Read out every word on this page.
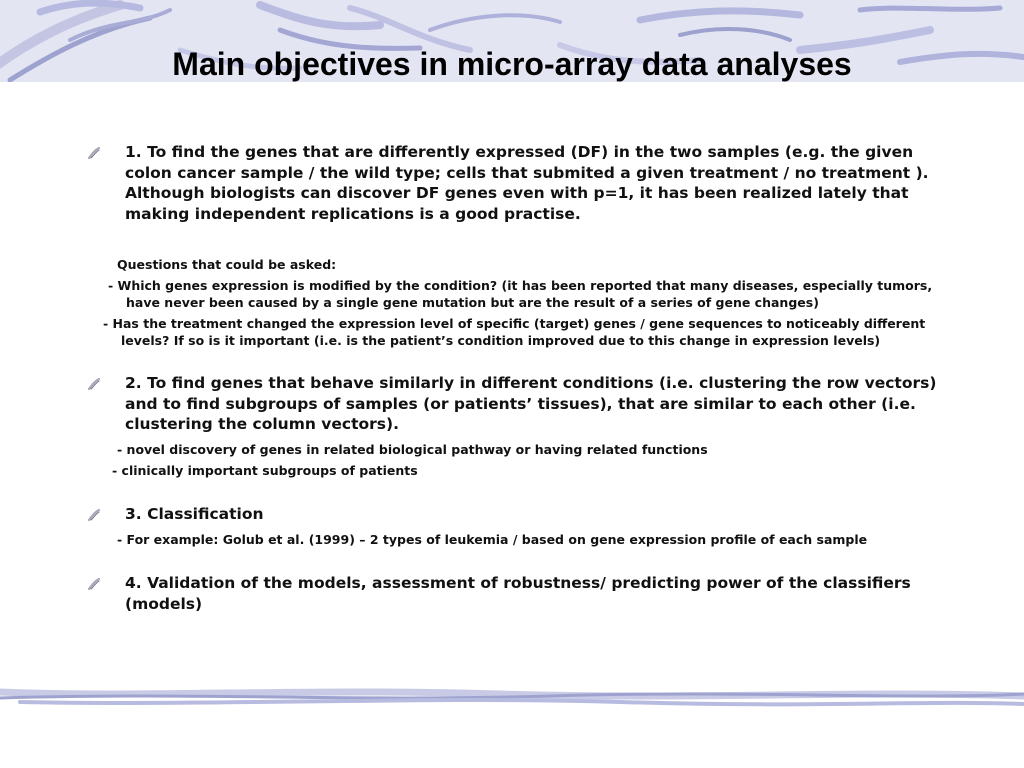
Main objectives in micro-array data analyses
1. To find the genes that are differently expressed (DF) in the two samples (e.g. the given colon cancer sample / the wild type; cells that submited a given treatment / no treatment ). Although biologists can discover DF genes even with p=1, it has been realized lately that making independent replications is a good practise.
Questions that could be asked:
- Which genes expression is modified by the condition? (it has been reported that many diseases, especially tumors, have never been caused by a single gene mutation but are the result of a series of gene changes)
- Has the treatment changed the expression level of specific (target) genes / gene sequences to noticeably different levels? If so is it important (i.e. is the patient’s condition improved due to this change in expression levels)
2. To find genes that behave similarly in different conditions (i.e. clustering the row vectors) and to find subgroups of samples (or patients’ tissues), that are similar to each other (i.e. clustering the column vectors).
- novel discovery of genes in related biological pathway or having related functions
- clinically important subgroups of patients
3. Classification
- For example: Golub et al. (1999) – 2 types of leukemia / based on gene expression profile of each sample
4. Validation of the models, assessment of robustness/ predicting power of the classifiers (models)
